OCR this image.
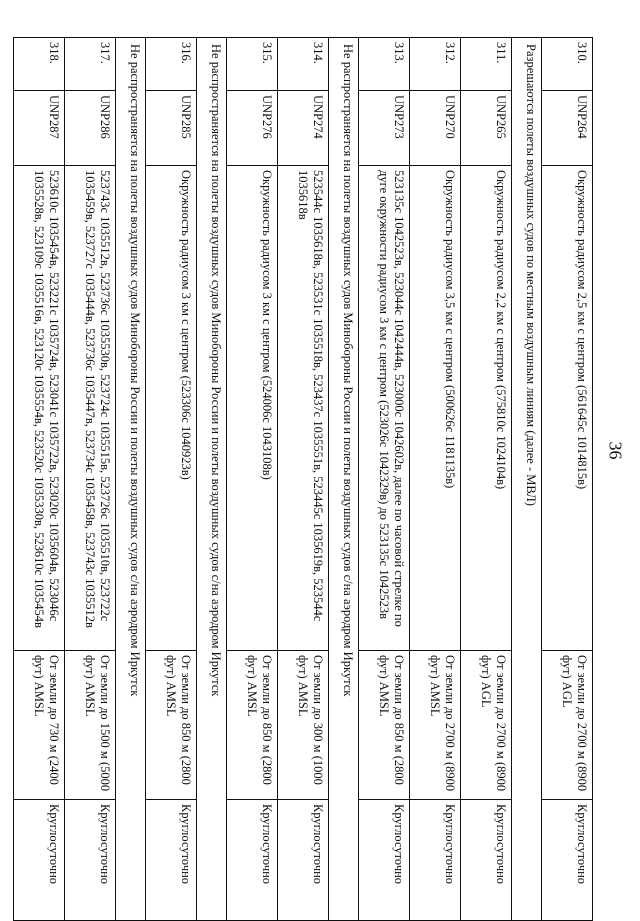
36
310.	UNP264	Окружность радиусом 2,5 км с центром (561645с 1014815в)	От земли до 2700 м (8900 фут) AGL	Круглосуточно
Разрешаются полеты воздушных судов по местным воздушным линиям (далее - МВЛ)				
311.	UNP265	Окружность радиусом 2,2 км с центром (575810с 1024104в)	От земли до 2700 м (8900 фут) AGL	Круглосуточно
312.	UNP270	Окружность радиусом 3,5 км с центром (500626с 1181135в)	От земли до 2700 м (8900 фут) AMSL	Круглосуточно
313.	UNP273	523135с 1042523в, 523044с 1042444в, 523000с 1042602в, далее по часовой стрелке по дуге окружности радиусом 3 км с центром (523026с 1042329в) до 523135с 1042523в	От земли до 850 м (2800 фут) AMSL	Круглосуточно
Не распространяется на полеты воздушных судов Минобороны России и полеты воздушных судов с/на аэродром Иркутск				
314.	UNP274	523544с 1035618в, 523531с 1035518в, 523437с 1035551в, 523445с 1035619в, 523544с 1035618в	От земли до 300 м (1000 фут) AMSL	Круглосуточно
315.	UNP276	Окружность радиусом 3 км с центром (524006с 1043108в)	От земли до 850 м (2800 фут) AMSL	Круглосуточно
Не распространяется на полеты воздушных судов Минобороны России и полеты воздушных судов с/на аэродром Иркутск				
316.	UNP285	Окружность радиусом 3 км с центром (523306с 1040923в)	От земли до 850 м (2800 фут) AMSL	Круглосуточно
Не распространяется на полеты воздушных судов Минобороны России и полеты воздушных судов с/на аэродром Иркутск				
317.	UNP286	523743с 1035512в, 523736с 1035530в, 523724с 1035515в, 523726с 1035510в, 523722с 1035459в, 523727с 1035444в, 523736с 1035447в, 523734с 1035458в, 523743с 1035512в	От земли до 1500 м (5000 фут) AMSL	Круглосуточно
318.	UNP287	523610с 1035454в, 523221с 1035724в, 523041с 1035722в, 523020с 1035604в, 523046с 1035528в, 523109с 1035516в, 523120с 1035554в, 523520с 1035330в, 523610с 1035454в	От земли до 730 м (2400 фут) AMSL	Круглосуточно
